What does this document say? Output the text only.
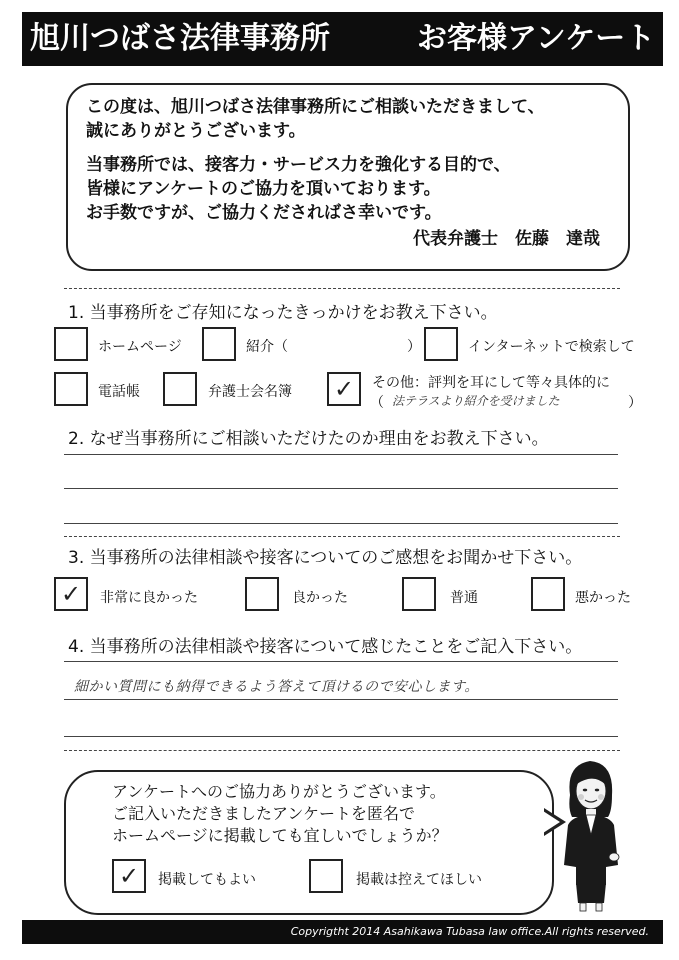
旭川つばさ法律事務所	お客様アンケート
この度は、旭川つばさ法律事務所にご相談いただきまして、
誠にありがとうございます。
当事務所では、接客力・サービス力を強化する目的で、
皆様にアンケートのご協力を頂いております。
お手数ですが、ご協力くださればさ幸いです。
代表弁護士　佐藤　達哉
1. 当事務所をご存知になったきっかけをお教え下さい。
ホームページ	紹介（	）	インターネットで検索して
電話帳	弁護士会名簿 ✓	その他：評判を耳にして等々具体的に
（ 法テラスより紹介を受けました	）
2. なぜ当事務所にご相談いただけたのか理由をお教え下さい。
3. 当事務所の法律相談や接客についてのご感想をお聞かせ下さい。
✓	非常に良かった	良かった	普通	悪かった
4. 当事務所の法律相談や接客について感じたことをご記入下さい。
細かい質問にも納得できるよう答えて頂けるので安心します。
アンケートへのご協力ありがとうございます。
ご記入いただきましたアンケートを匿名で
ホームページに掲載しても宜しいでしょうか？
✓	掲載してもよい	掲載は控えてほしい
Copyrigtht 2014 Asahikawa Tubasa law office.All rights reserved.
